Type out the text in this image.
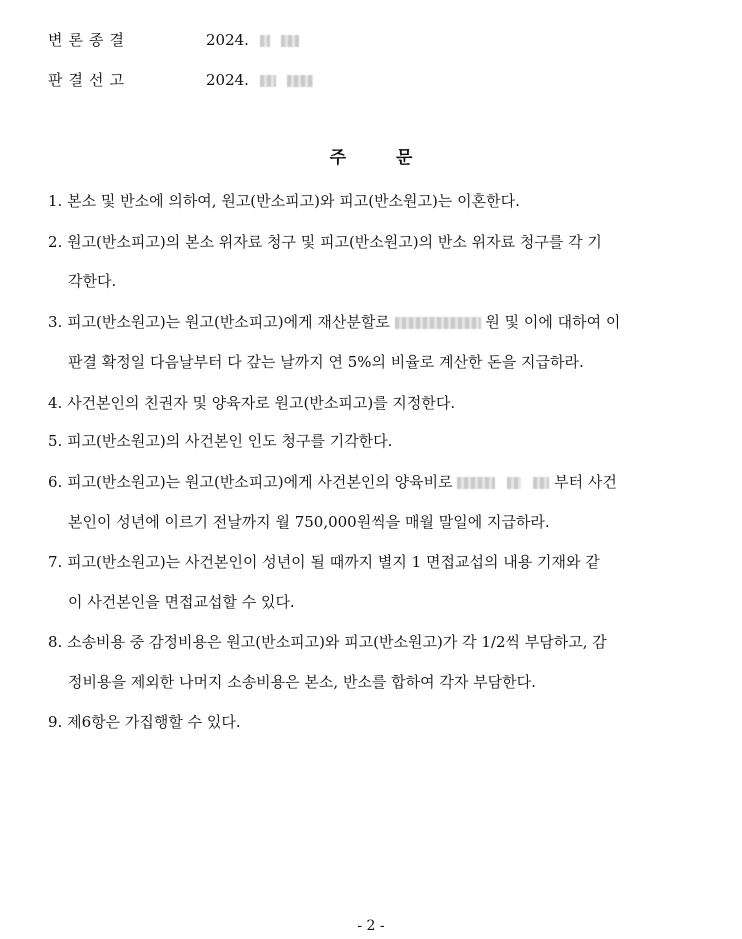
변론종결	2024.
판결선고	2024.
주 문
1. 본소 및 반소에 의하여, 원고(반소피고)와 피고(반소원고)는 이혼한다.
2. 원고(반소피고)의 본소 위자료 청구 및 피고(반소원고)의 반소 위자료 청구를 각 기
각한다.
3. 피고(반소원고)는 원고(반소피고)에게 재산분할로	원 및 이에 대하여 이
판결 확정일 다음날부터 다 갚는 날까지 연 5%의 비율로 계산한 돈을 지급하라.
4. 사건본인의 친권자 및 양육자로 원고(반소피고)를 지정한다.
5. 피고(반소원고)의 사건본인 인도 청구를 기각한다.
6. 피고(반소원고)는 원고(반소피고)에게 사건본인의 양육비로	부터 사건
본인이 성년에 이르기 전날까지 월 750,000원씩을 매월 말일에 지급하라.
7. 피고(반소원고)는 사건본인이 성년이 될 때까지 별지 1 면접교섭의 내용 기재와 같
이 사건본인을 면접교섭할 수 있다.
8. 소송비용 중 감정비용은 원고(반소피고)와 피고(반소원고)가 각 1/2씩 부담하고, 감
정비용을 제외한 나머지 소송비용은 본소, 반소를 합하여 각자 부담한다.
9. 제6항은 가집행할 수 있다.
- 2 -
